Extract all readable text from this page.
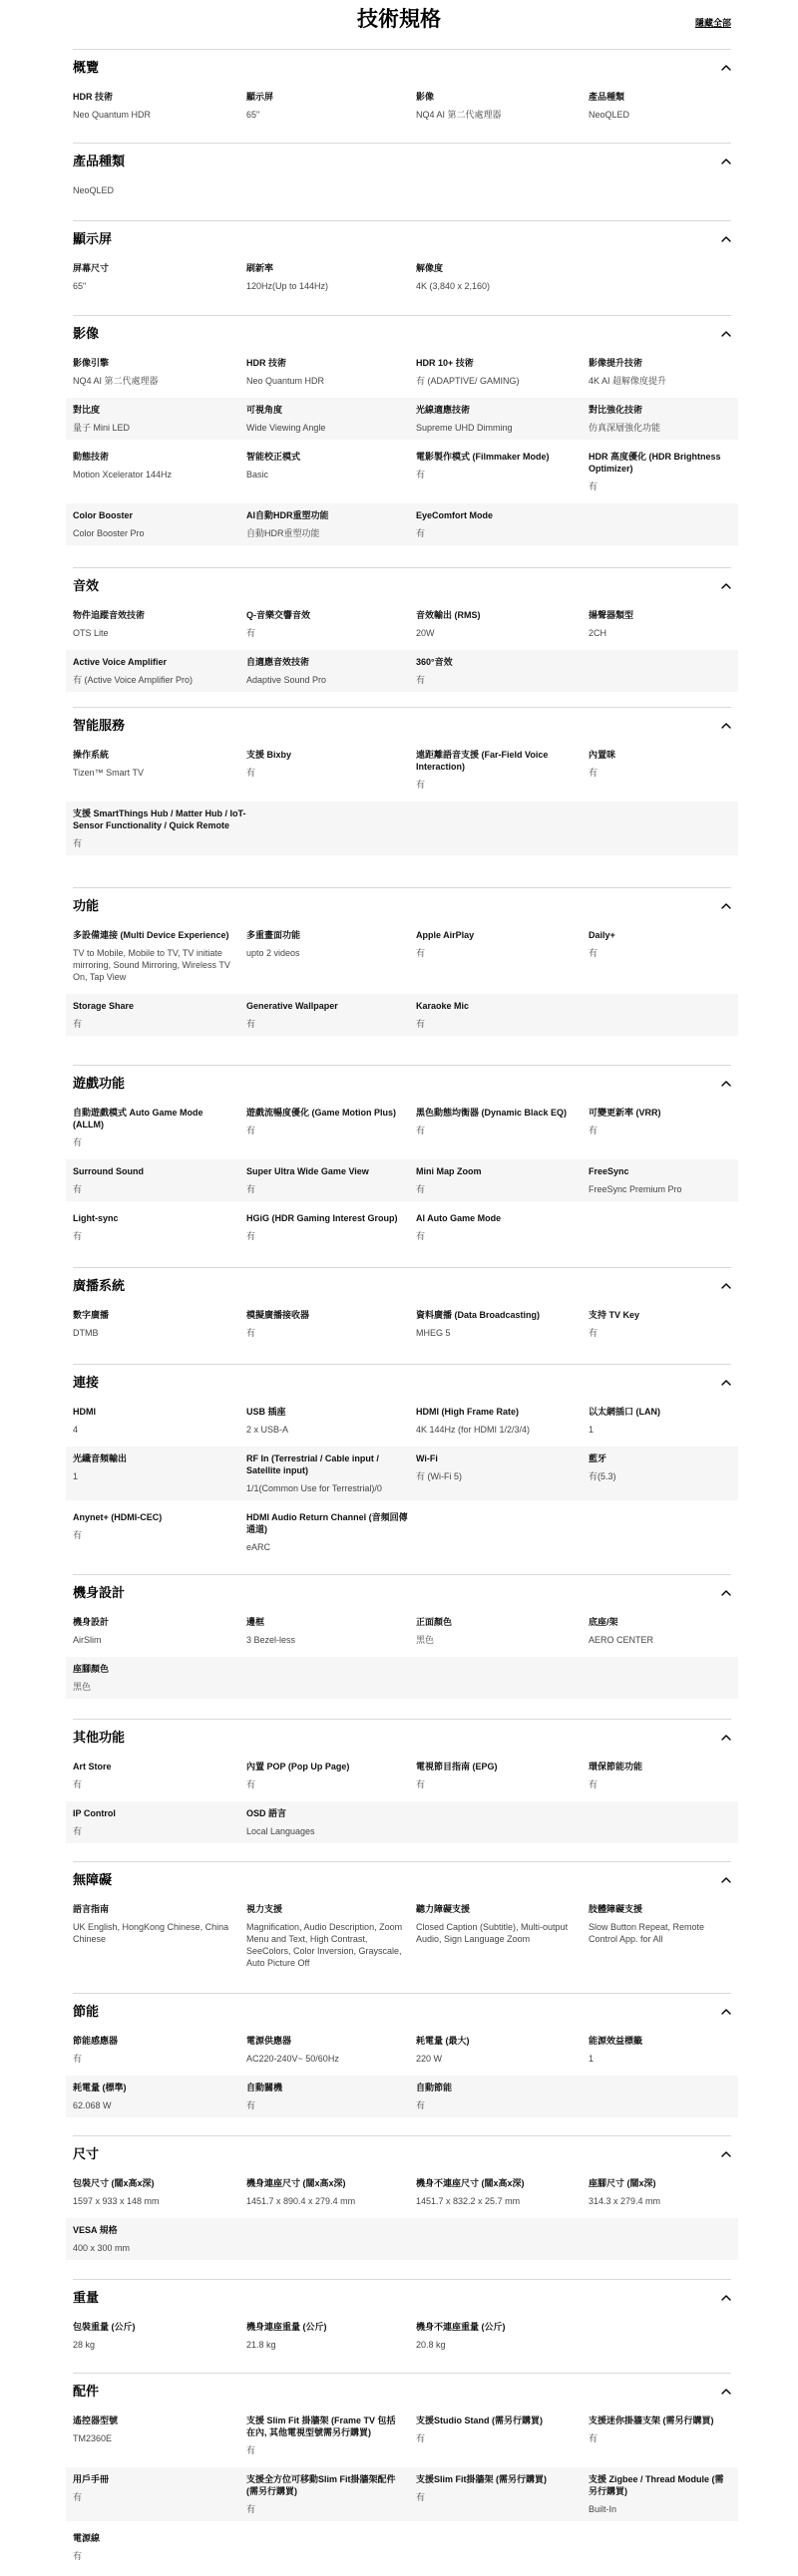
技術規格	隱藏全部
概覽
HDR 技術
Neo Quantum HDR
顯示屏
65"
影像
NQ4 AI 第二代處理器
產品種類
NeoQLED
產品種類
NeoQLED
顯示屏
屏幕尺寸
65"
刷新率
120Hz(Up to 144Hz)
解像度
4K (3,840 x 2,160)
影像
影像引擎
NQ4 AI 第二代處理器
HDR 技術
Neo Quantum HDR
HDR 10+ 技術
有 (ADAPTIVE/ GAMING)
影像提升技術
4K AI 超解像度提升
對比度
量子 Mini LED
可視角度
Wide Viewing Angle
光線適應技術
Supreme UHD Dimming
對比強化技術
仿真深層強化功能
動態技術
Motion Xcelerator 144Hz
智能校正模式
Basic
電影製作模式 (Filmmaker Mode)
有
HDR 高度優化 (HDR Brightness Optimizer)
有
Color Booster
Color Booster Pro
AI自動HDR重塑功能
自動HDR重塑功能
EyeComfort Mode
有
音效
物件追蹤音效技術
OTS Lite
Q-音樂交響音效
有
音效輸出 (RMS)
20W
揚聲器類型
2CH
Active Voice Amplifier
有 (Active Voice Amplifier Pro)
自適應音效技術
Adaptive Sound Pro
360°音效
有
智能服務
操作系統
Tizen™ Smart TV
支援 Bixby
有
遠距離語音支援 (Far-Field Voice Interaction)
有
內置咪
有
支援 SmartThings Hub / Matter Hub / IoT-Sensor Functionality / Quick Remote
有
功能
多設備連接 (Multi Device Experience)
TV to Mobile, Mobile to TV, TV initiate mirroring, Sound Mirroring, Wireless TV On, Tap View
多重畫面功能
upto 2 videos
Apple AirPlay
有
Daily+
有
Storage Share
有
Generative Wallpaper
有
Karaoke Mic
有
遊戲功能
自動遊戲模式 Auto Game Mode (ALLM)
有
遊戲流暢度優化 (Game Motion Plus)
有
黑色動態均衡器 (Dynamic Black EQ)
有
可變更新率 (VRR)
有
Surround Sound
有
Super Ultra Wide Game View
有
Mini Map Zoom
有
FreeSync
FreeSync Premium Pro
Light-sync
有
HGiG (HDR Gaming Interest Group)
有
AI Auto Game Mode
有
廣播系統
數字廣播
DTMB
模擬廣播接收器
有
資料廣播 (Data Broadcasting)
MHEG 5
支持 TV Key
有
連接
HDMI
4
USB 插座
2 x USB-A
HDMI (High Frame Rate)
4K 144Hz (for HDMI 1/2/3/4)
以太網插口 (LAN)
1
光纖音頻輸出
1
RF In (Terrestrial / Cable input / Satellite input)
1/1(Common Use for Terrestrial)/0
Wi-Fi
有 (Wi-Fi 5)
藍牙
有(5.3)
Anynet+ (HDMI-CEC)
有
HDMI Audio Return Channel (音頻回傳通道)
eARC
機身設計
機身設計
AirSlim
邊框
3 Bezel-less
正面顏色
黑色
底座/架
AERO CENTER
座腳顏色
黑色
其他功能
Art Store
有
內置 POP (Pop Up Page)
有
電視節目指南 (EPG)
有
環保節能功能
有
IP Control
有
OSD 語言
Local Languages
無障礙
語言指南
UK English, HongKong Chinese, China Chinese
視力支援
Magnification, Audio Description, Zoom Menu and Text, High Contrast, SeeColors, Color Inversion, Grayscale, Auto Picture Off
聽力障礙支援
Closed Caption (Subtitle), Multi-output Audio, Sign Language Zoom
肢體障礙支援
Slow Button Repeat, Remote Control App. for All
節能
節能感應器
有
電源供應器
AC220-240V~ 50/60Hz
耗電量 (最大)
220 W
能源效益標籤
1
耗電量 (標準)
62.068 W
自動關機
有
自動節能
有
尺寸
包裝尺寸 (闊x高x深)
1597 x 933 x 148 mm
機身連座尺寸 (闊x高x深)
1451.7 x 890.4 x 279.4 mm
機身不連座尺寸 (闊x高x深)
1451.7 x 832.2 x 25.7 mm
座腳尺寸 (闊x深)
314.3 x 279.4 mm
VESA 規格
400 x 300 mm
重量
包裝重量 (公斤)
28 kg
機身連座重量 (公斤)
21.8 kg
機身不連座重量 (公斤)
20.8 kg
配件
遙控器型號
TM2360E
支援 Slim Fit 掛牆架 (Frame TV 包括在內, 其他電視型號需另行購買)
有
支援Studio Stand (需另行購買)
有
支援迷你掛牆支架 (需另行購買)
有
用戶手冊
有
支援全方位可移動Slim Fit掛牆架配件 (需另行購買)
有
支援Slim Fit掛牆架 (需另行購買)
有
支援 Zigbee / Thread Module (需另行購買)
Built-In
電源線
有
